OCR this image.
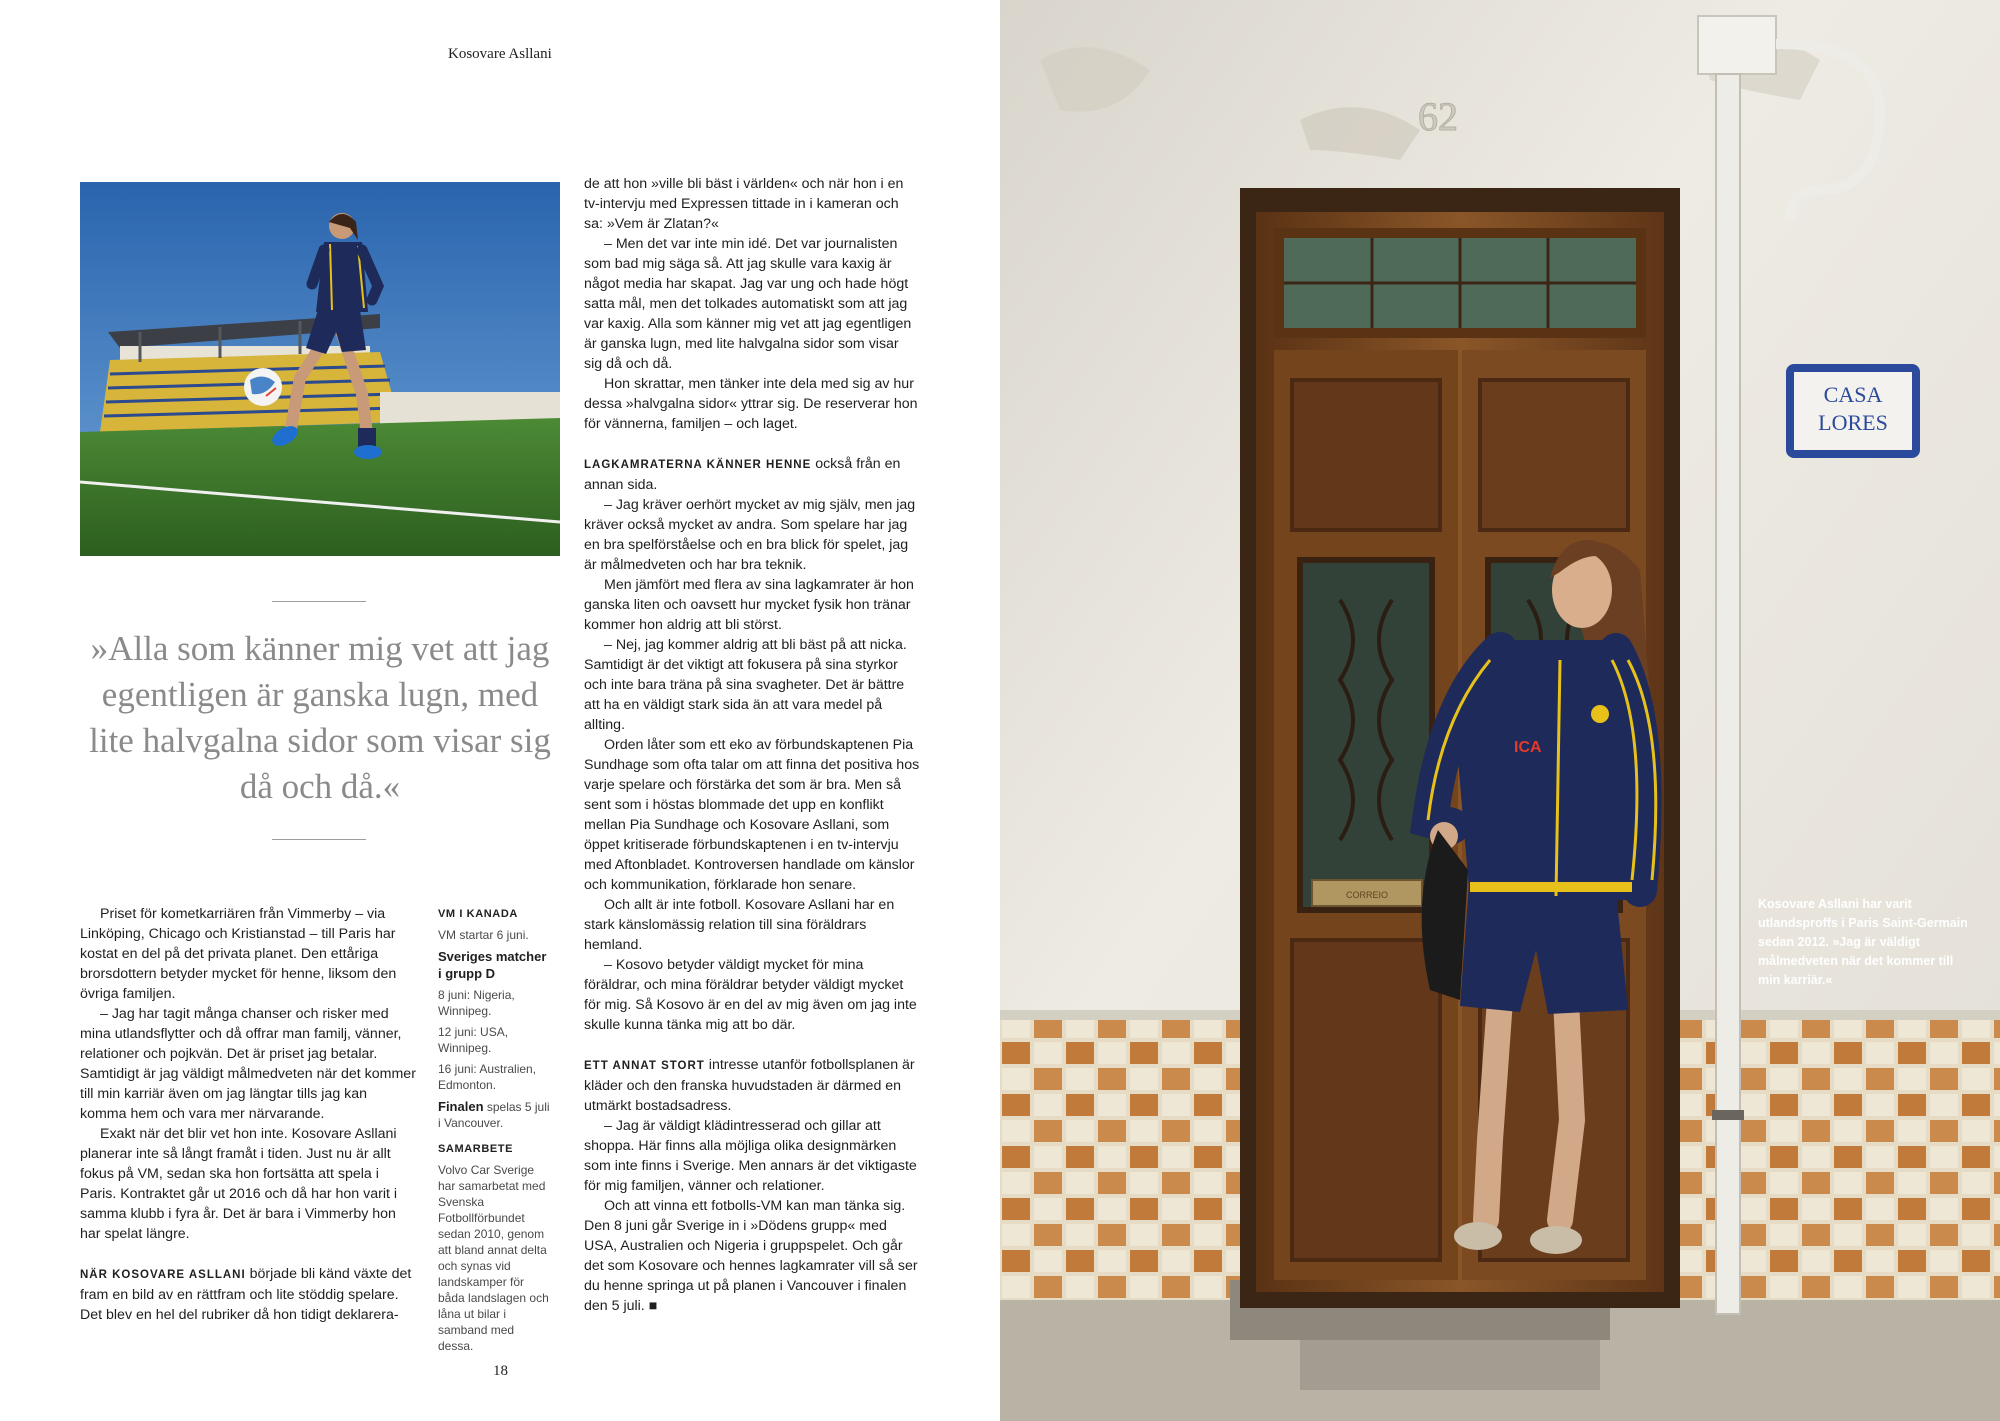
Kosovare Asllani
»Alla som känner mig vet att jag egentligen är ganska lugn, med lite halvgalna sidor som visar sig då och då.«

Priset för kometkarriären från Vimmerby – via Linköping, Chicago och Kristianstad – till Paris har kostat en del på det privata planet. Den ettåriga brorsdottern betyder mycket för henne, liksom den övriga familjen.

– Jag har tagit många chanser och risker med mina utlandsflytter och då offrar man familj, vänner, relationer och pojkvän. Det är priset jag betalar. Samtidigt är jag väldigt målmedveten när det kommer till min karriär även om jag längtar tills jag kan komma hem och vara mer närvarande.

Exakt när det blir vet hon inte. Kosovare Asllani planerar inte så långt framåt i tiden. Just nu är allt fokus på VM, sedan ska hon fortsätta att spela i Paris. Kontraktet går ut 2016 och då har hon varit i samma klubb i fyra år. Det är bara i Vimmerby hon har spelat längre.

NÄR KOSOVARE ASLLANI började bli känd växte det fram en bild av en rättfram och lite stöddig spelare. Det blev en hel del rubriker då hon tidigt deklarera-

VM I KANADA

VM startar 6 juni.

Sveriges matcher i grupp D

8 juni: Nigeria, Winnipeg.

12 juni: USA, Winnipeg.

16 juni: Australien, Edmonton.

Finalen spelas 5 juli i Vancouver.

SAMARBETE

Volvo Car Sverige har samarbetat med Svenska Fotbollförbundet sedan 2010, genom att bland annat delta och synas vid landskamper för båda landslagen och låna ut bilar i samband med dessa.

de att hon »ville bli bäst i världen« och när hon i en tv-intervju med Expressen tittade in i kameran och sa: »Vem är Zlatan?«

– Men det var inte min idé. Det var journalisten som bad mig säga så. Att jag skulle vara kaxig är något media har skapat. Jag var ung och hade högt satta mål, men det tolkades automatiskt som att jag var kaxig. Alla som känner mig vet att jag egentligen är ganska lugn, med lite halvgalna sidor som visar sig då och då.

Hon skrattar, men tänker inte dela med sig av hur dessa »halvgalna sidor« yttrar sig. De reserverar hon för vännerna, familjen – och laget.

LAGKAMRATERNA KÄNNER HENNE också från en annan sida.

– Jag kräver oerhört mycket av mig själv, men jag kräver också mycket av andra. Som spelare har jag en bra spelförståelse och en bra blick för spelet, jag är målmedveten och har bra teknik.

Men jämfört med flera av sina lagkamrater är hon ganska liten och oavsett hur mycket fysik hon tränar kommer hon aldrig att bli störst.

– Nej, jag kommer aldrig att bli bäst på att nicka. Samtidigt är det viktigt att fokusera på sina styrkor och inte bara träna på sina svagheter. Det är bättre att ha en väldigt stark sida än att vara medel på allting.

Orden låter som ett eko av förbundskaptenen Pia Sundhage som ofta talar om att finna det positiva hos varje spelare och förstärka det som är bra. Men så sent som i höstas blommade det upp en konflikt mellan Pia Sundhage och Kosovare Asllani, som öppet kritiserade förbundskaptenen i en tv-intervju med Aftonbladet. Kontroversen handlade om känslor och kommunikation, förklarade hon senare.

Och allt är inte fotboll. Kosovare Asllani har en stark känslomässig relation till sina föräldrars hemland.

– Kosovo betyder väldigt mycket för mina föräldrar, och mina föräldrar betyder väldigt mycket för mig. Så Kosovo är en del av mig även om jag inte skulle kunna tänka mig att bo där.

ETT ANNAT STORT intresse utanför fotbollsplanen är kläder och den franska huvudstaden är därmed en utmärkt bostadsadress.

– Jag är väldigt klädintresserad och gillar att shoppa. Här finns alla möjliga olika designmärken som inte finns i Sverige. Men annars är det viktigaste för mig familjen, vänner och relationer.

Och att vinna ett fotbolls-VM kan man tänka sig. Den 8 juni går Sverige in i »Dödens grupp« med USA, Australien och Nigeria i gruppspelet. Och går det som Kosovare och hennes lagkamrater vill så ser du henne springa ut på planen i Vancouver i finalen den 5 juli. ■

18
62
CORREIO
CASA
LORES
ICA
Kosovare Asllani har varit utlandsproffs i Paris Saint-Germain sedan 2012. »Jag är väldigt målmedveten när det kommer till min karriär.«
